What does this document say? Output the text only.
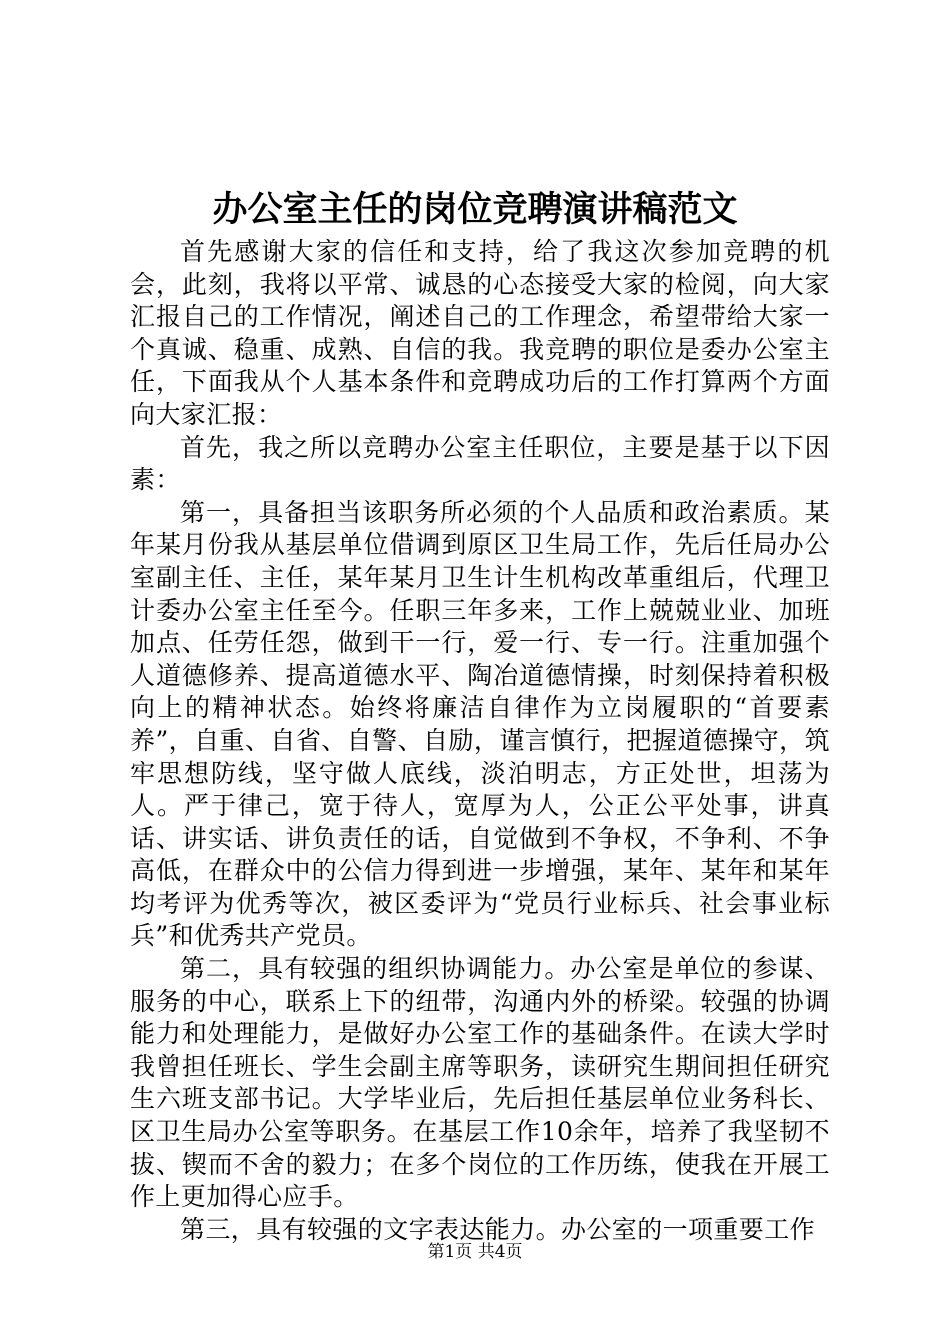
办公室主任的岗位竞聘演讲稿范文

首先感谢大家的信任和支持，给了我这次参加竞聘的机会，此刻，我将以平常、诚恳的心态接受大家的检阅，向大家汇报自己的工作情况，阐述自己的工作理念，希望带给大家一个真诚、稳重、成熟、自信的我。我竞聘的职位是委办公室主任，下面我从个人基本条件和竞聘成功后的工作打算两个方面向大家汇报：

首先，我之所以竞聘办公室主任职位，主要是基于以下因素：

第一，具备担当该职务所必须的个人品质和政治素质。某年某月份我从基层单位借调到原区卫生局工作，先后任局办公室副主任、主任，某年某月卫生计生机构改革重组后，代理卫计委办公室主任至今。任职三年多来，工作上兢兢业业、加班加点、任劳任怨，做到干一行，爱一行、专一行。注重加强个人道德修养、提高道德水平、陶冶道德情操，时刻保持着积极向上的精神状态。始终将廉洁自律作为立岗履职的“首要素养”，自重、自省、自警、自励，谨言慎行，把握道德操守，筑牢思想防线，坚守做人底线，淡泊明志，方正处世，坦荡为人。严于律己，宽于待人，宽厚为人，公正公平处事，讲真话、讲实话、讲负责任的话，自觉做到不争权，不争利、不争高低，在群众中的公信力得到进一步增强，某年、某年和某年均考评为优秀等次，被区委评为“党员行业标兵、社会事业标兵”和优秀共产党员。

第二，具有较强的组织协调能力。办公室是单位的参谋、服务的中心，联系上下的纽带，沟通内外的桥梁。较强的协调能力和处理能力，是做好办公室工作的基础条件。在读大学时我曾担任班长、学生会副主席等职务，读研究生期间担任研究生六班支部书记。大学毕业后，先后担任基层单位业务科长、区卫生局办公室等职务。在基层工作10余年，培养了我坚韧不拔、锲而不舍的毅力；在多个岗位的工作历练，使我在开展工作上更加得心应手。

第三，具有较强的文字表达能力。办公室的一项重要工作

第1页 共4页
